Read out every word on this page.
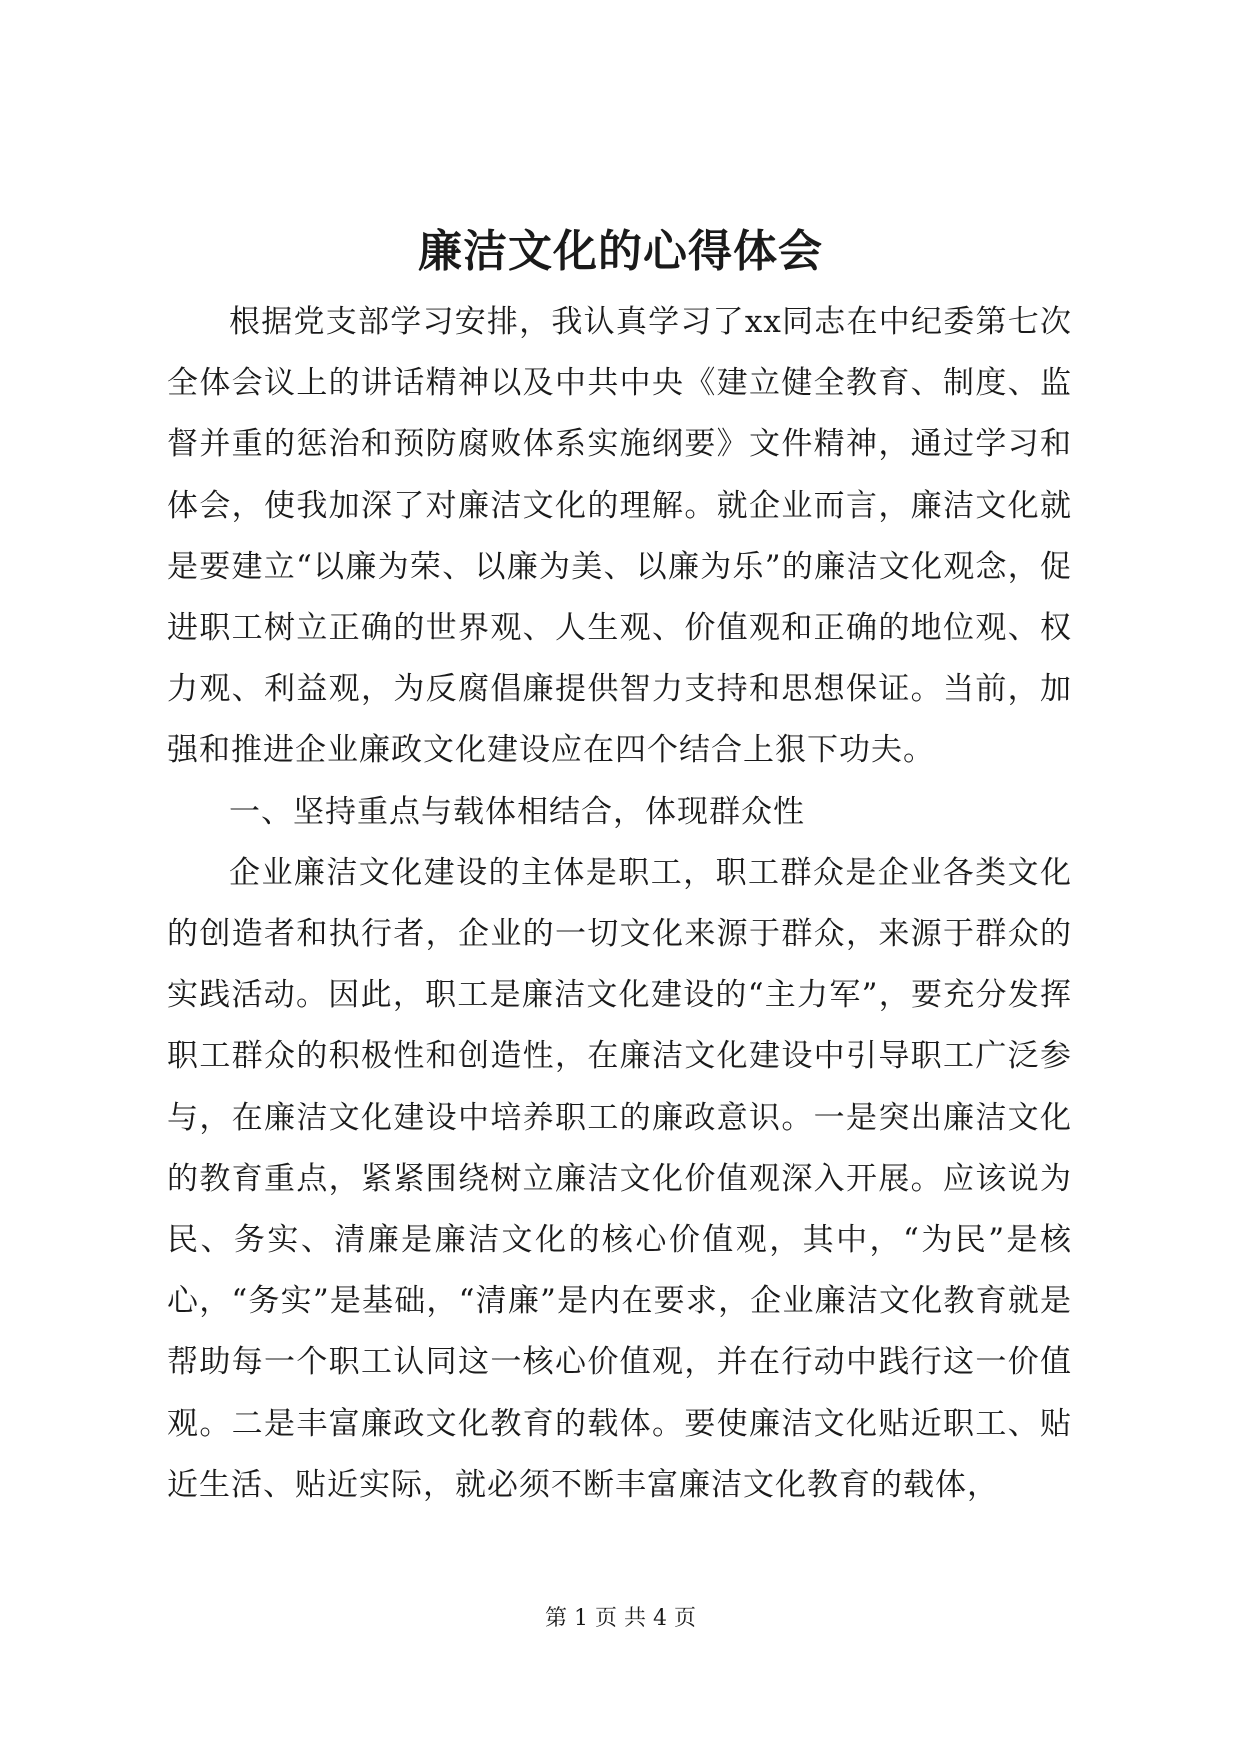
廉洁文化的心得体会

根据党支部学习安排，我认真学习了xx同志在中纪委第七次全体会议上的讲话精神以及中共中央《建立健全教育、制度、监督并重的惩治和预防腐败体系实施纲要》文件精神，通过学习和体会，使我加深了对廉洁文化的理解。就企业而言，廉洁文化就是要建立“以廉为荣、以廉为美、以廉为乐”的廉洁文化观念，促进职工树立正确的世界观、人生观、价值观和正确的地位观、权力观、利益观，为反腐倡廉提供智力支持和思想保证。当前，加强和推进企业廉政文化建设应在四个结合上狠下功夫。

一、坚持重点与载体相结合，体现群众性

企业廉洁文化建设的主体是职工，职工群众是企业各类文化的创造者和执行者，企业的一切文化来源于群众，来源于群众的实践活动。因此，职工是廉洁文化建设的“主力军”，要充分发挥职工群众的积极性和创造性，在廉洁文化建设中引导职工广泛参与，在廉洁文化建设中培养职工的廉政意识。一是突出廉洁文化的教育重点，紧紧围绕树立廉洁文化价值观深入开展。应该说为民、务实、清廉是廉洁文化的核心价值观，其中，“为民”是核心，“务实”是基础，“清廉”是内在要求，企业廉洁文化教育就是帮助每一个职工认同这一核心价值观，并在行动中践行这一价值观。二是丰富廉政文化教育的载体。要使廉洁文化贴近职工、贴近生活、贴近实际，就必须不断丰富廉洁文化教育的载体，

第 1 页 共 4 页
